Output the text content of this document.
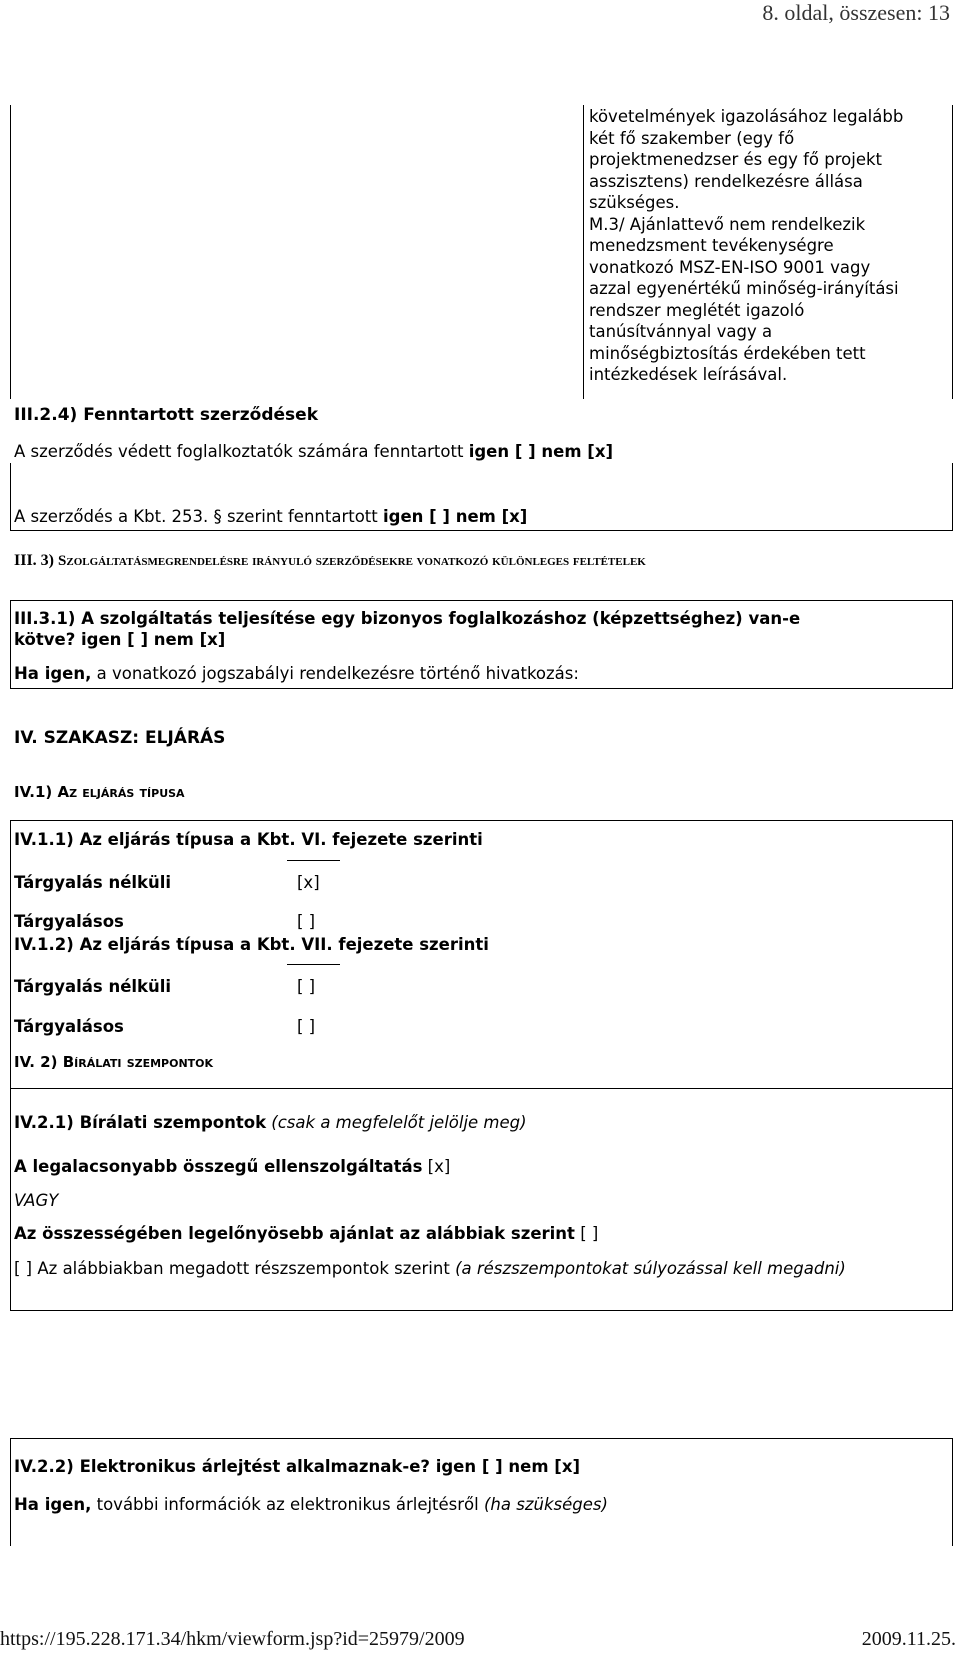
8. oldal, összesen: 13
követelmények igazolásához legalább
két fő szakember (egy fő
projektmenedzser és egy fő projekt
asszisztens) rendelkezésre állása
szükséges.
M.3/ Ajánlattevő nem rendelkezik
menedzsment tevékenységre
vonatkozó MSZ-EN-ISO 9001 vagy
azzal egyenértékű minőség-irányítási
rendszer meglétét igazoló
tanúsítvánnyal vagy a
minőségbiztosítás érdekében tett
intézkedések leírásával.
III.2.4) Fenntartott szerződések
A szerződés védett foglalkoztatók számára fenntartott igen [ ] nem [x]
A szerződés a Kbt. 253. § szerint fenntartott igen [ ] nem [x]
III. 3) Szolgáltatásmegrendelésre irányuló szerződésekre vonatkozó különleges feltételek
III.3.1) A szolgáltatás teljesítése egy bizonyos foglalkozáshoz (képzettséghez) van-e
kötve? igen [ ] nem [x]
Ha igen, a vonatkozó jogszabályi rendelkezésre történő hivatkozás:
IV. SZAKASZ: ELJÁRÁS
IV.1) Az eljárás típusa
IV.1.1) Az eljárás típusa a Kbt. VI. fejezete szerinti
Tárgyalás nélküli	[x]
Tárgyalásos	[ ]
IV.1.2) Az eljárás típusa a Kbt. VII. fejezete szerinti
Tárgyalás nélküli	[ ]
Tárgyalásos	[ ]
IV. 2) Bírálati szempontok
IV.2.1) Bírálati szempontok (csak a megfelelőt jelölje meg)
A legalacsonyabb összegű ellenszolgáltatás [x]
VAGY
Az összességében legelőnyösebb ajánlat az alábbiak szerint [ ]
[ ] Az alábbiakban megadott részszempontok szerint (a részszempontokat súlyozással kell megadni)
IV.2.2) Elektronikus árlejtést alkalmaznak-e? igen [ ] nem [x]
Ha igen, további információk az elektronikus árlejtésről (ha szükséges)
https://195.228.171.34/hkm/viewform.jsp?id=25979/2009	2009.11.25.
